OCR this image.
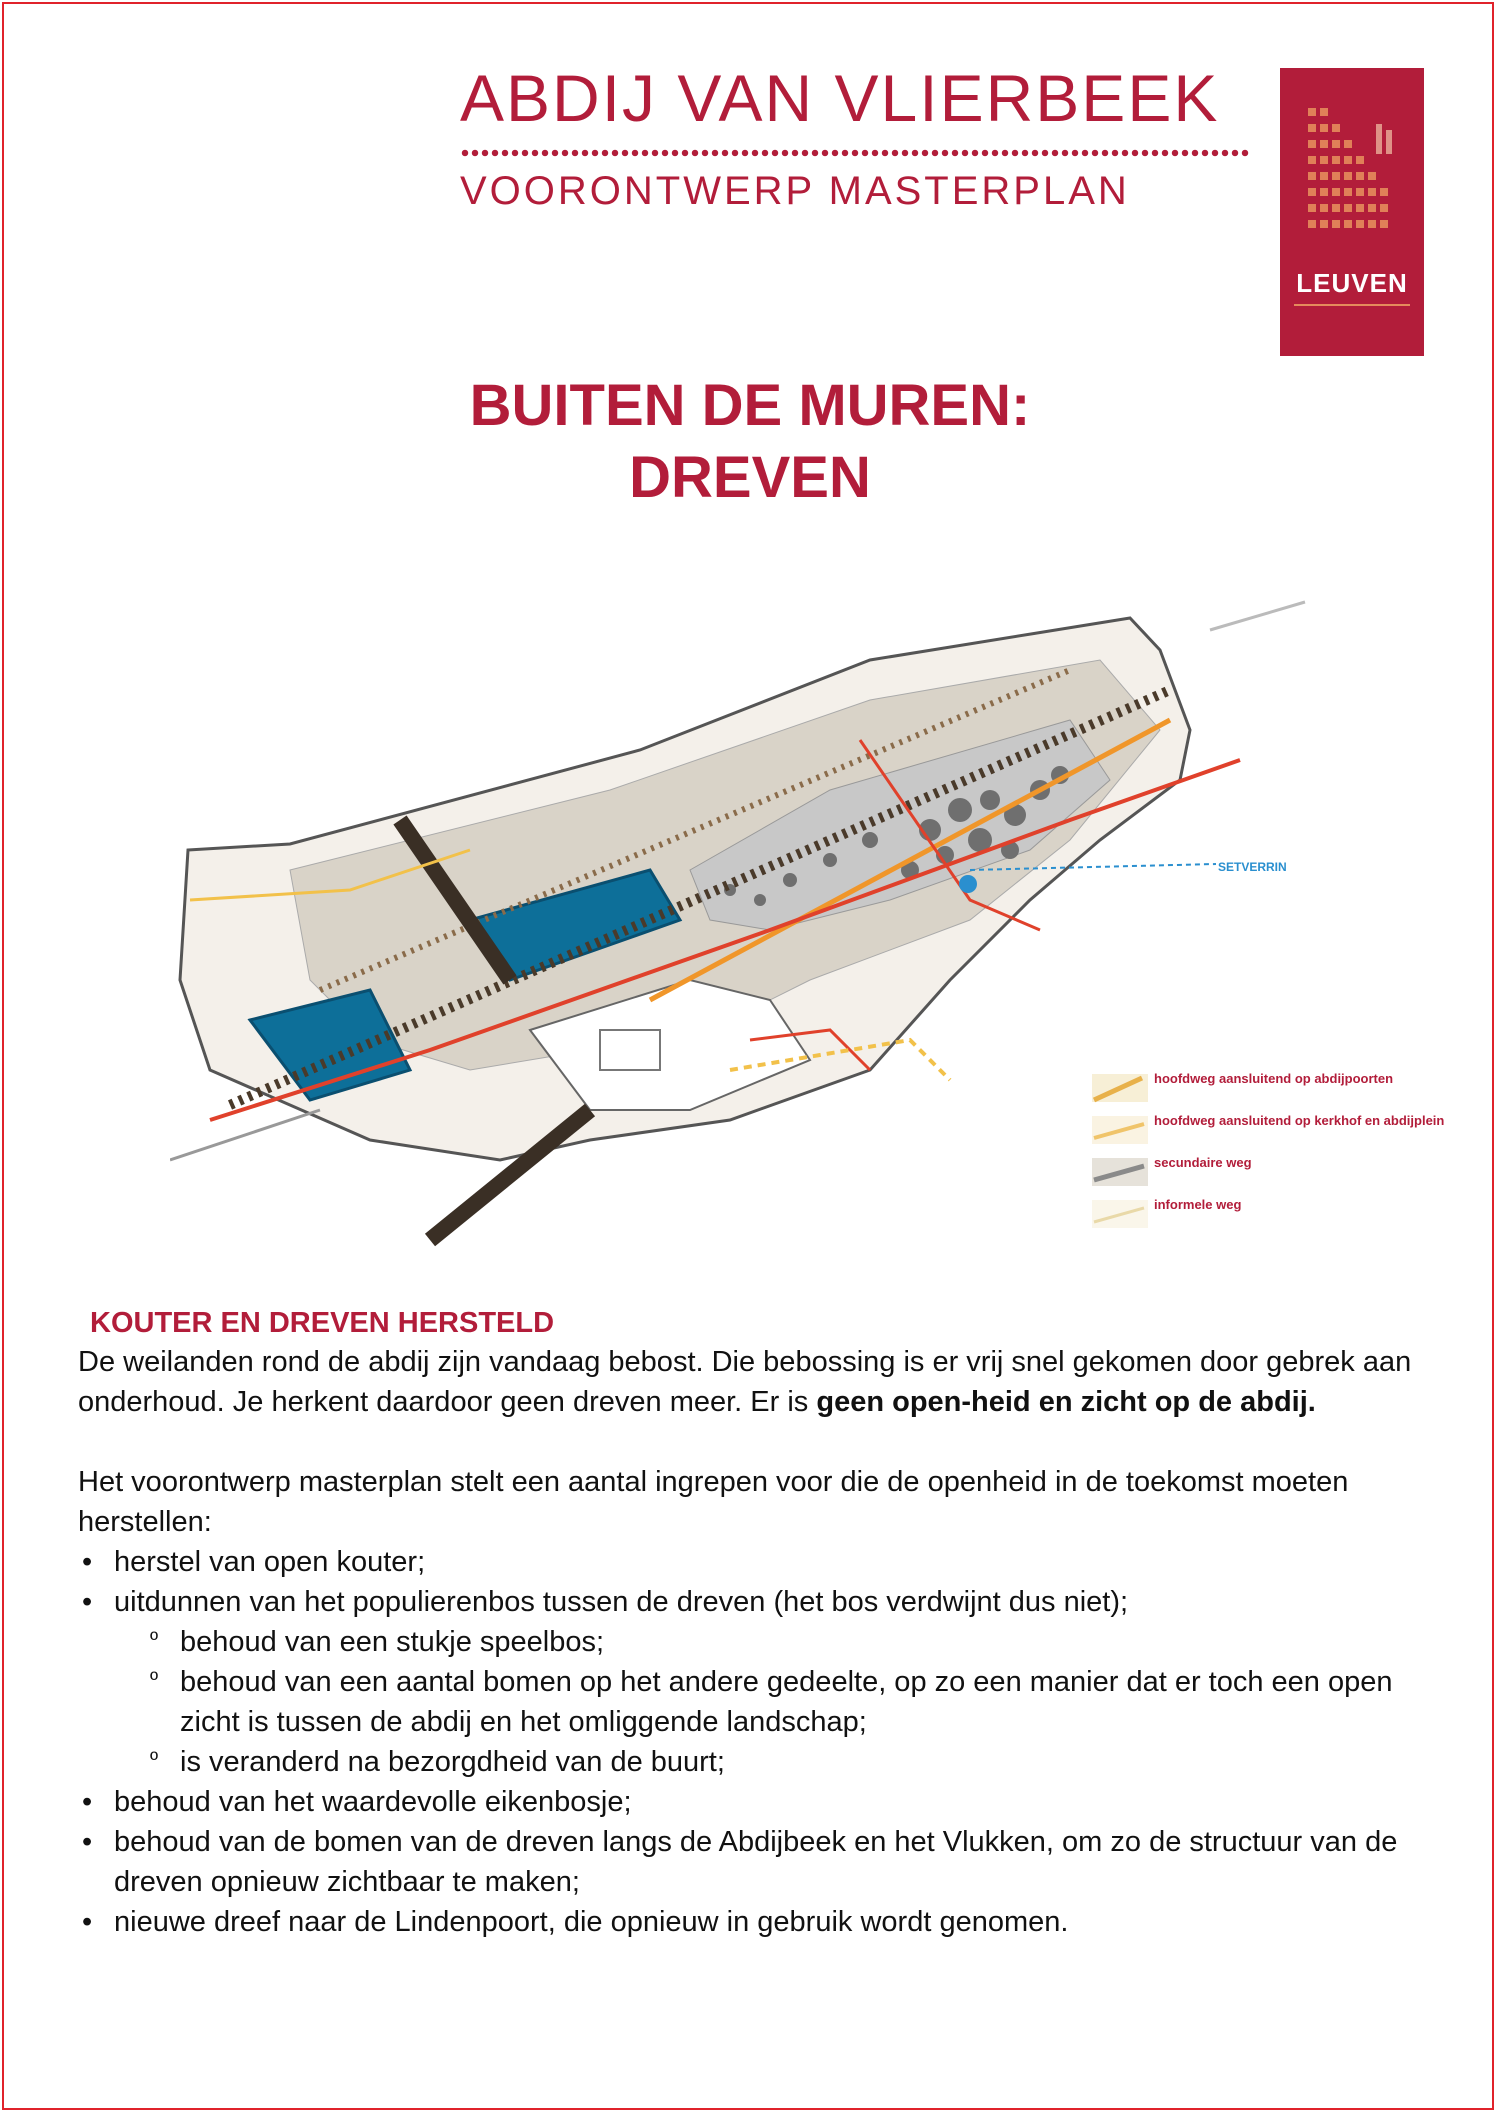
ABDIJ VAN VLIERBEEK
VOORONTWERP MASTERPLAN
LEUVEN
BUITEN DE MUREN:
DREVEN
SETVERRIN
hoofdweg aansluitend op abdijpoorten
hoofdweg aansluitend op kerkhof en abdijplein
secundaire weg
informele weg
KOUTER EN DREVEN HERSTELD

De weilanden rond de abdij zijn vandaag bebost. Die bebossing is er vrij snel gekomen door gebrek aan onderhoud. Je herkent daardoor geen dreven meer. Er is geen open-heid en zicht op de abdij.

Het voorontwerp masterplan stelt een aantal ingrepen voor die de openheid in de toekomst moeten herstellen:

• herstel van open kouter;
• uitdunnen van het populierenbos tussen de dreven (het bos verdwijnt dus niet);
º behoud van een stukje speelbos;
º behoud van een aantal bomen op het andere gedeelte, op zo een manier dat er toch een open zicht is tussen de abdij en het omliggende landschap;
º is veranderd na bezorgdheid van de buurt;
• behoud van het waardevolle eikenbosje;
• behoud van de bomen van de dreven langs de Abdijbeek en het Vlukken, om zo de structuur van de dreven opnieuw zichtbaar te maken;
• nieuwe dreef naar de Lindenpoort, die opnieuw in gebruik wordt genomen.
